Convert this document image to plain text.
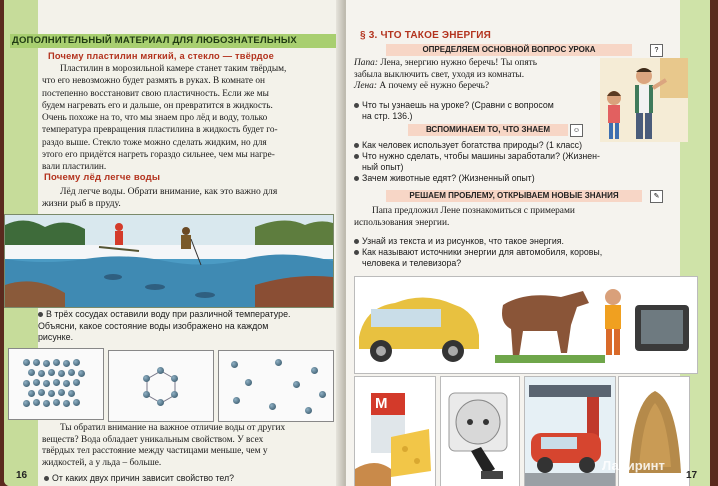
ДОПОЛНИТЕЛЬНЫЙ МАТЕРИАЛ ДЛЯ ЛЮБОЗНАТЕЛЬНЫХ
Почему пластилин мягкий, а стекло — твёрдое
Пластилин в морозильной камере станет таким твёрдым,
что его невозможно будет размять в руках. В комнате он
постепенно восстановит свою пластичность. Если же мы
будем нагревать его и дальше, он превратится в жидкость.
Очень похоже на то, что мы знаем про лёд и воду, только
температура превращения пластилина в жидкость будет го-
раздо выше. Стекло тоже можно сделать жидким, но для
этого его придётся нагреть гораздо сильнее, чем мы нагре-
вали пластилин.
Почему лёд легче воды
Лёд легче воды. Обрати внимание, как это важно для
жизни рыб в пруду.
В трёх сосудах оставили воду при различной температуре.
Объясни, какое состояние воды изображено на каждом
рисунке.
Ты обратил внимание на важное отличие воды от других
веществ? Вода обладает уникальным свойством. У всех
твёрдых тел расстояние между частицами меньше, чем у
жидкостей, а у льда – больше.
От каких двух причин зависит свойство тел?
16
§ 3. ЧТО ТАКОЕ ЭНЕРГИЯ
ОПРЕДЕЛЯЕМ ОСНОВНОЙ ВОПРОС УРОКА	?
Папа: Лена, энергию нужно беречь! Ты опять
забыла выключить свет, уходя из комнаты.
Лена: А почему её нужно беречь?
Что ты узнаешь на уроке? (Сравни с вопросом
на стр. 136.)
ВСПОМИНАЕМ ТО, ЧТО ЗНАЕМ	☺
Как человек использует богатства природы? (1 класс)
Что нужно сделать, чтобы машины заработали? (Жизнен-
ный опыт)
Зачем животные едят? (Жизненный опыт)
РЕШАЕМ ПРОБЛЕМУ, ОТКРЫВАЕМ НОВЫЕ ЗНАНИЯ	✎
Папа предложил Лене познакомиться с примерами
использования энергии.
Узнай из текста и из рисунков, что такое энергия.
Как называют источники энергии для автомобиля, коровы,
человека и телевизора?
М
Лабиринт
17
